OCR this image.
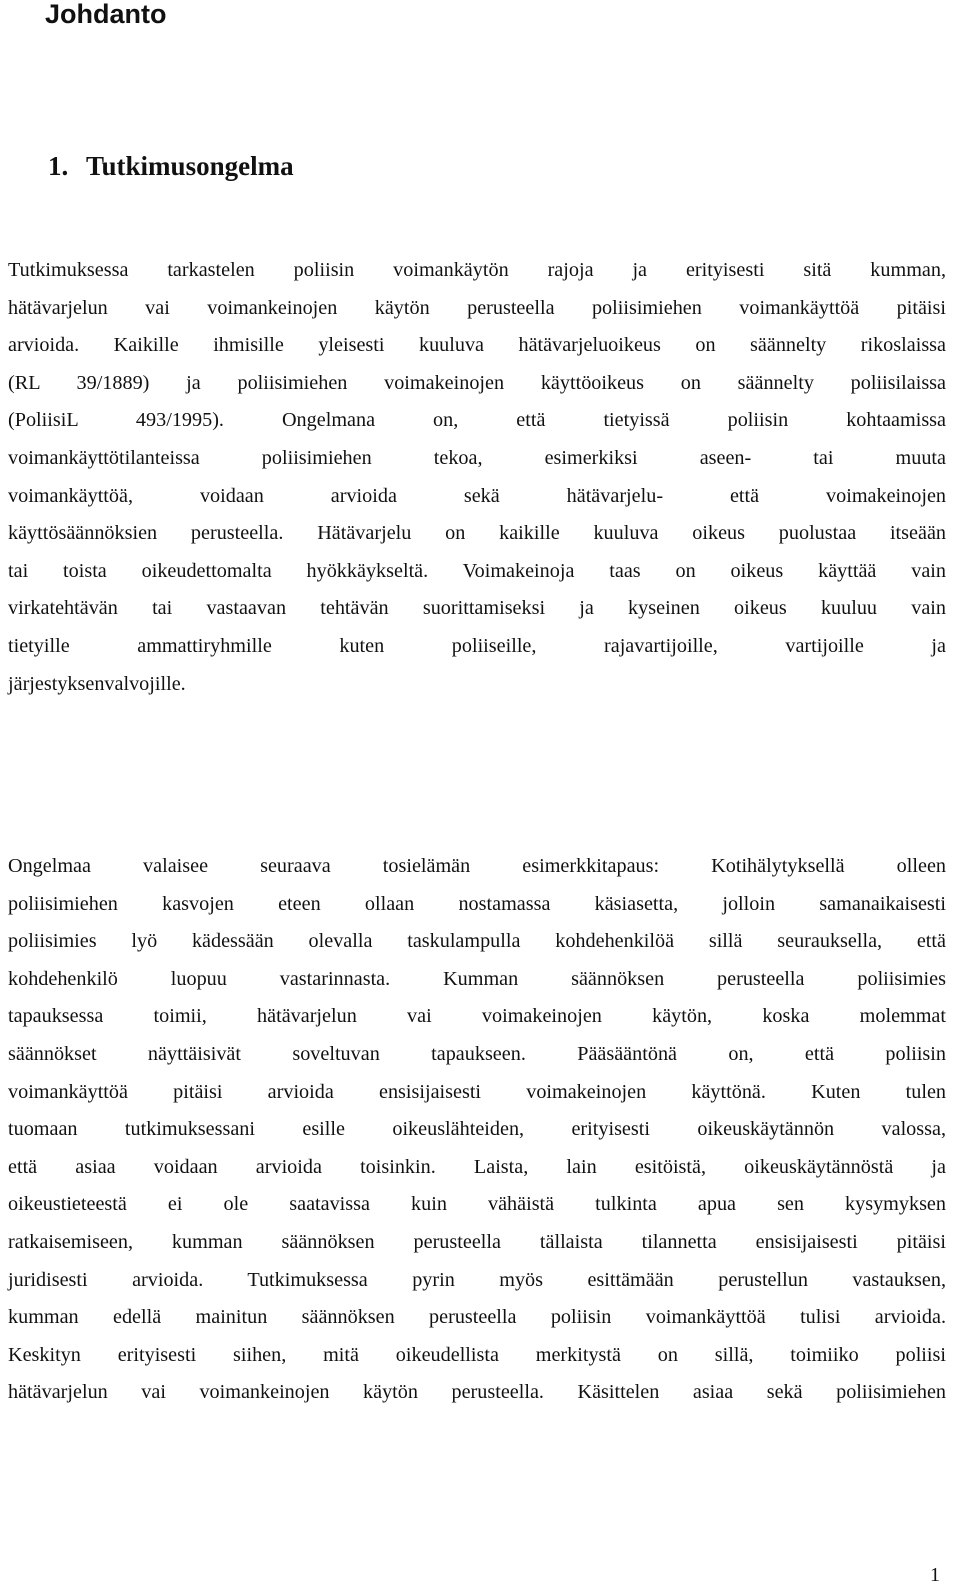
Johdanto
1. Tutkimusongelma
Tutkimuksessa tarkastelen poliisin voimankäytön rajoja ja erityisesti sitä kumman,
hätävarjelun vai voimankeinojen käytön perusteella poliisimiehen voimankäyttöä pitäisi
arvioida. Kaikille ihmisille yleisesti kuuluva hätävarjeluoikeus on säännelty rikoslaissa
(RL 39/1889) ja poliisimiehen voimakeinojen käyttöoikeus on säännelty poliisilaissa
(PoliisiL 493/1995). Ongelmana on, että tietyissä poliisin kohtaamissa
voimankäyttötilanteissa poliisimiehen tekoa, esimerkiksi aseen- tai muuta
voimankäyttöä, voidaan arvioida sekä hätävarjelu- että voimakeinojen
käyttösäännöksien perusteella. Hätävarjelu on kaikille kuuluva oikeus puolustaa itseään
tai toista oikeudettomalta hyökkäykseltä. Voimakeinoja taas on oikeus käyttää vain
virkatehtävän tai vastaavan tehtävän suorittamiseksi ja kyseinen oikeus kuuluu vain
tietyille ammattiryhmille kuten poliiseille, rajavartijoille, vartijoille ja
järjestyksenvalvojille.
Ongelmaa valaisee seuraava tosielämän esimerkkitapaus: Kotihälytyksellä olleen
poliisimiehen kasvojen eteen ollaan nostamassa käsiasetta, jolloin samanaikaisesti
poliisimies lyö kädessään olevalla taskulampulla kohdehenkilöä sillä seurauksella, että
kohdehenkilö luopuu vastarinnasta. Kumman säännöksen perusteella poliisimies
tapauksessa toimii, hätävarjelun vai voimakeinojen käytön, koska molemmat
säännökset näyttäisivät soveltuvan tapaukseen. Pääsääntönä on, että poliisin
voimankäyttöä pitäisi arvioida ensisijaisesti voimakeinojen käyttönä. Kuten tulen
tuomaan tutkimuksessani esille oikeuslähteiden, erityisesti oikeuskäytännön valossa,
että asiaa voidaan arvioida toisinkin. Laista, lain esitöistä, oikeuskäytännöstä ja
oikeustieteestä ei ole saatavissa kuin vähäistä tulkinta apua sen kysymyksen
ratkaisemiseen, kumman säännöksen perusteella tällaista tilannetta ensisijaisesti pitäisi
juridisesti arvioida. Tutkimuksessa pyrin myös esittämään perustellun vastauksen,
kumman edellä mainitun säännöksen perusteella poliisin voimankäyttöä tulisi arvioida.
Keskityn erityisesti siihen, mitä oikeudellista merkitystä on sillä, toimiiko poliisi
hätävarjelun vai voimankeinojen käytön perusteella. Käsittelen asiaa sekä poliisimiehen
1
